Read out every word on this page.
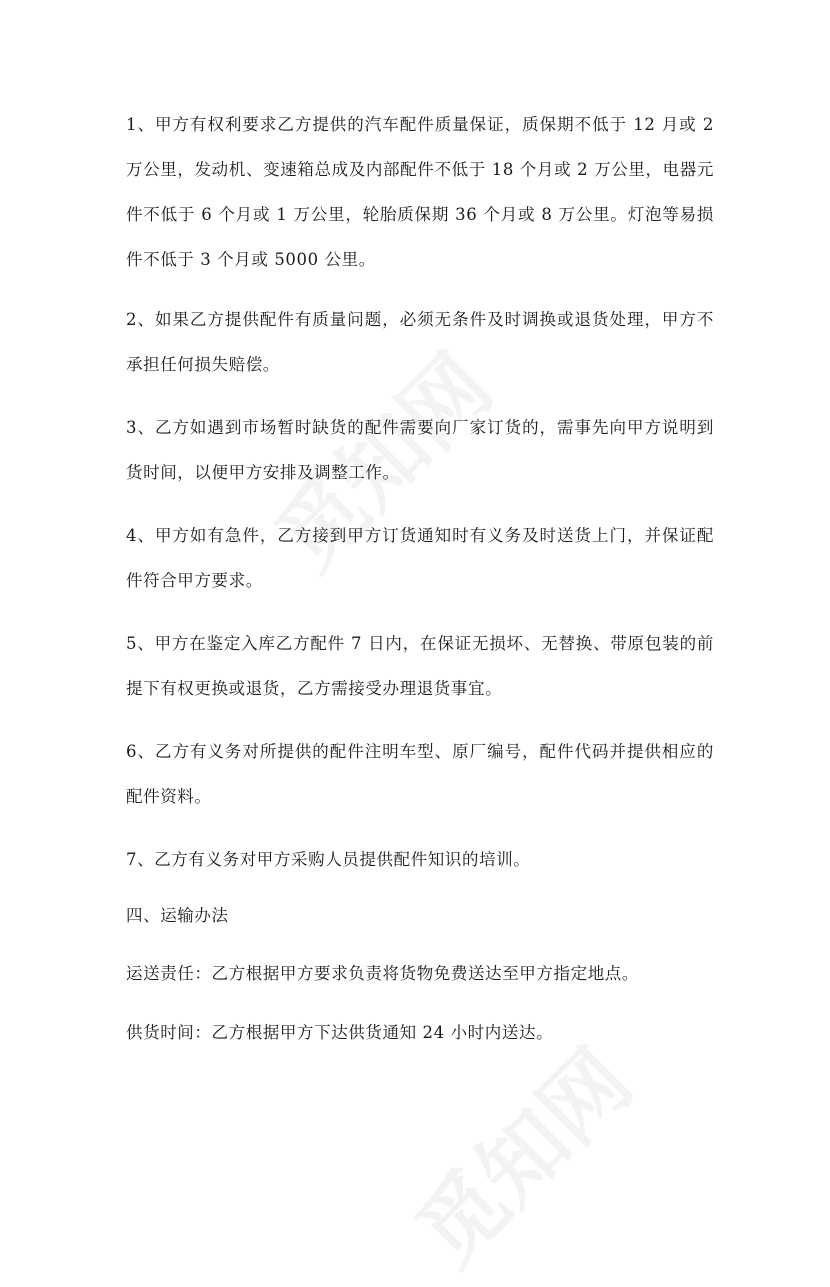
1、甲方有权利要求乙方提供的汽车配件质量保证，质保期不低于 12 月或 2 万公里，发动机、变速箱总成及内部配件不低于 18 个月或 2 万公里，电器元件不低于 6 个月或 1 万公里，轮胎质保期 36 个月或 8 万公里。灯泡等易损件不低于 3 个月或 5000 公里。

2、如果乙方提供配件有质量问题，必须无条件及时调换或退货处理，甲方不承担任何损失赔偿。

3、乙方如遇到市场暂时缺货的配件需要向厂家订货的，需事先向甲方说明到货时间，以便甲方安排及调整工作。

4、甲方如有急件，乙方接到甲方订货通知时有义务及时送货上门，并保证配件符合甲方要求。

5、甲方在鉴定入库乙方配件 7 日内，在保证无损坏、无替换、带原包装的前提下有权更换或退货，乙方需接受办理退货事宜。

6、乙方有义务对所提供的配件注明车型、原厂编号，配件代码并提供相应的配件资料。

7、乙方有义务对甲方采购人员提供配件知识的培训。

四、运输办法

运送责任：乙方根据甲方要求负责将货物免费送达至甲方指定地点。

供货时间：乙方根据甲方下达供货通知 24 小时内送达。
